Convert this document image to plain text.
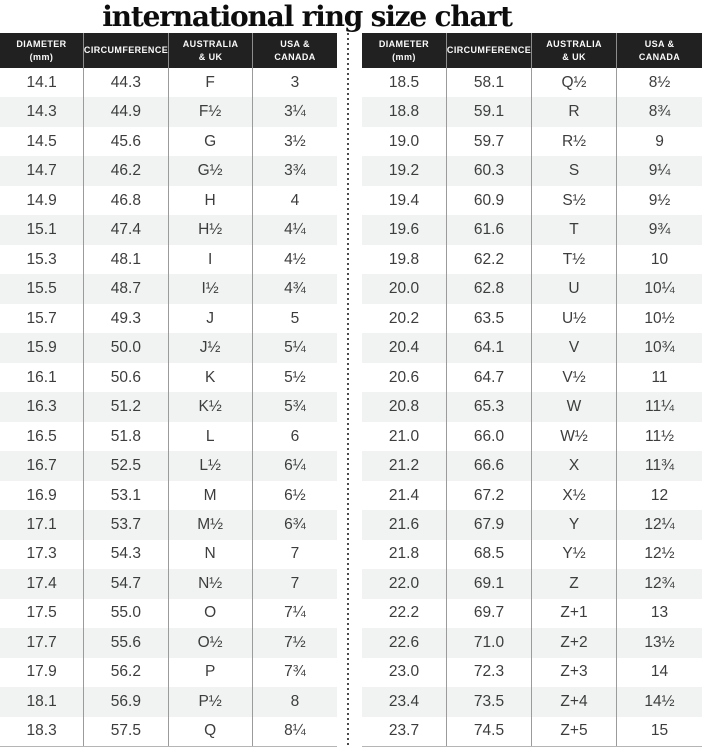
international ring size chart
DIAMETER
(mm)
CIRCUMFERENCE
AUSTRALIA
& UK
USA &
CANADA
14.1	44.3	F	3
14.3	44.9	F½	3¼
14.5	45.6	G	3½
14.7	46.2	G½	3¾
14.9	46.8	H	4
15.1	47.4	H½	4¼
15.3	48.1	I	4½
15.5	48.7	I½	4¾
15.7	49.3	J	5
15.9	50.0	J½	5¼
16.1	50.6	K	5½
16.3	51.2	K½	5¾
16.5	51.8	L	6
16.7	52.5	L½	6¼
16.9	53.1	M	6½
17.1	53.7	M½	6¾
17.3	54.3	N	7
17.4	54.7	N½	7
17.5	55.0	O	7¼
17.7	55.6	O½	7½
17.9	56.2	P	7¾
18.1	56.9	P½	8
18.3	57.5	Q	8¼
DIAMETER
(mm)
CIRCUMFERENCE
AUSTRALIA
& UK
USA &
CANADA
18.5	58.1	Q½	8½
18.8	59.1	R	8¾
19.0	59.7	R½	9
19.2	60.3	S	9¼
19.4	60.9	S½	9½
19.6	61.6	T	9¾
19.8	62.2	T½	10
20.0	62.8	U	10¼
20.2	63.5	U½	10½
20.4	64.1	V	10¾
20.6	64.7	V½	11
20.8	65.3	W	11¼
21.0	66.0	W½	11½
21.2	66.6	X	11¾
21.4	67.2	X½	12
21.6	67.9	Y	12¼
21.8	68.5	Y½	12½
22.0	69.1	Z	12¾
22.2	69.7	Z+1	13
22.6	71.0	Z+2	13½
23.0	72.3	Z+3	14
23.4	73.5	Z+4	14½
23.7	74.5	Z+5	15
